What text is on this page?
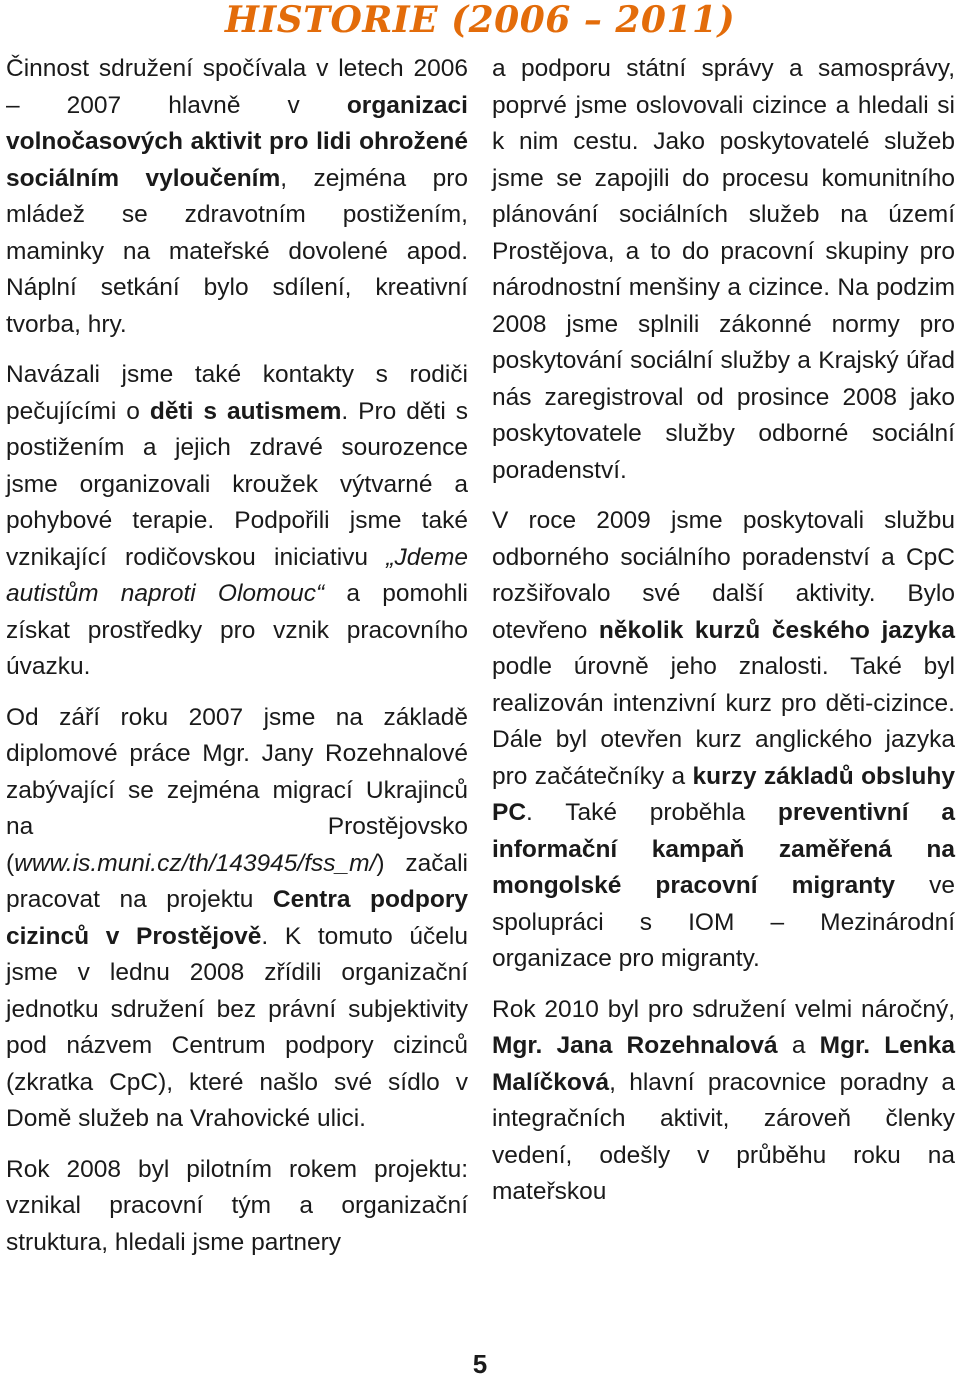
HISTORIE (2006 – 2011)

Činnost sdružení spočívala v letech 2006 – 2007 hlavně v organizaci volnočasových aktivit pro lidi ohrožené sociálním vyloučením, zejména pro mládež se zdravotním postižením, maminky na mateřské dovolené apod. Náplní setkání bylo sdílení, kreativní tvorba, hry.

Navázali jsme také kontakty s rodiči pečujícími o děti s autismem. Pro děti s postižením a jejich zdravé sourozence jsme organizovali kroužek výtvarné a pohybové terapie. Podpořili jsme také vznikající rodičovskou iniciativu „Jdeme autistům naproti Olomouc“ a pomohli získat prostředky pro vznik pracovního úvazku.

Od září roku 2007 jsme na základě diplomové práce Mgr. Jany Rozehnalové zabývající se zejména migrací Ukrajinců na Prostějovsko (www.is.muni.cz/th/143945/fss_m/) začali pracovat na projektu Centra podpory cizinců v Prostějově. K tomuto účelu jsme v lednu 2008 zřídili organizační jednotku sdružení bez právní subjektivity pod názvem Centrum podpory cizinců (zkratka CpC), které našlo své sídlo v Domě služeb na Vrahovické ulici.

Rok 2008 byl pilotním rokem projektu: vznikal pracovní tým a organizační struktura, hledali jsme partnery

a podporu státní správy a samosprávy, poprvé jsme oslovovali cizince a hledali si k nim cestu. Jako poskytovatelé služeb jsme se zapojili do procesu komunitního plánování sociálních služeb na území Prostějova, a to do pracovní skupiny pro národnostní menšiny a cizince. Na podzim 2008 jsme splnili zákonné normy pro poskytování sociální služby a Krajský úřad nás zaregistroval od prosince 2008 jako poskytovatele služby odborné sociální poradenství.

V roce 2009 jsme poskytovali službu odborného sociálního poradenství a CpC rozšiřovalo své další aktivity. Bylo otevřeno několik kurzů českého jazyka podle úrovně jeho znalosti. Také byl realizován intenzivní kurz pro děti-cizince. Dále byl otevřen kurz anglického jazyka pro začátečníky a kurzy základů obsluhy PC. Také proběhla preventivní a informační kampaň zaměřená na mongolské pracovní migranty ve spolupráci s IOM – Mezinárodní organizace pro migranty.

Rok 2010 byl pro sdružení velmi náročný, Mgr. Jana Rozehnalová a Mgr. Lenka Malíčková, hlavní pracovnice poradny a integračních aktivit, zároveň členky vedení, odešly v průběhu roku na mateřskou

5
